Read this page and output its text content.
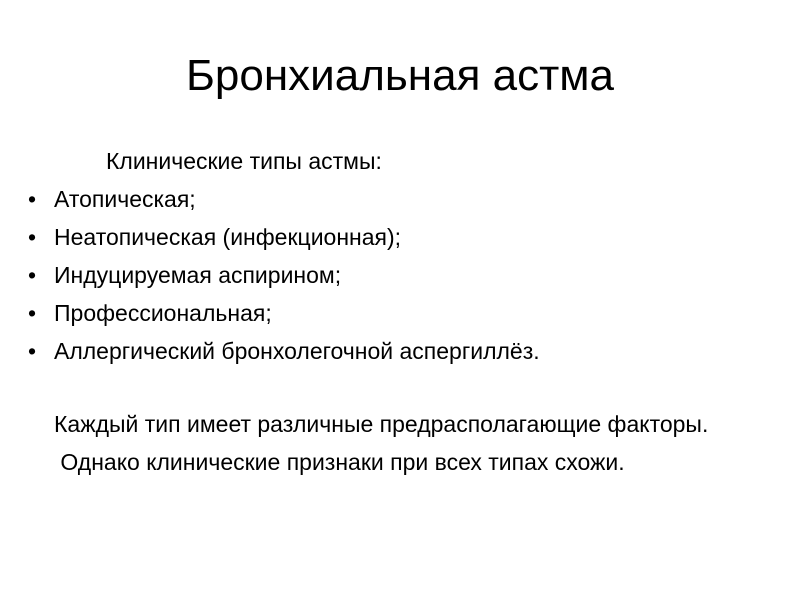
Бронхиальная астма

Клинические типы астмы:

• Атопическая;
• Неатопическая (инфекционная);
• Индуцируемая аспирином;
• Профессиональная;
• Аллергический бронхолегочной аспергиллёз.

Каждый тип имеет различные предрасполагающие факторы.

Однако клинические признаки при всех типах схожи.
